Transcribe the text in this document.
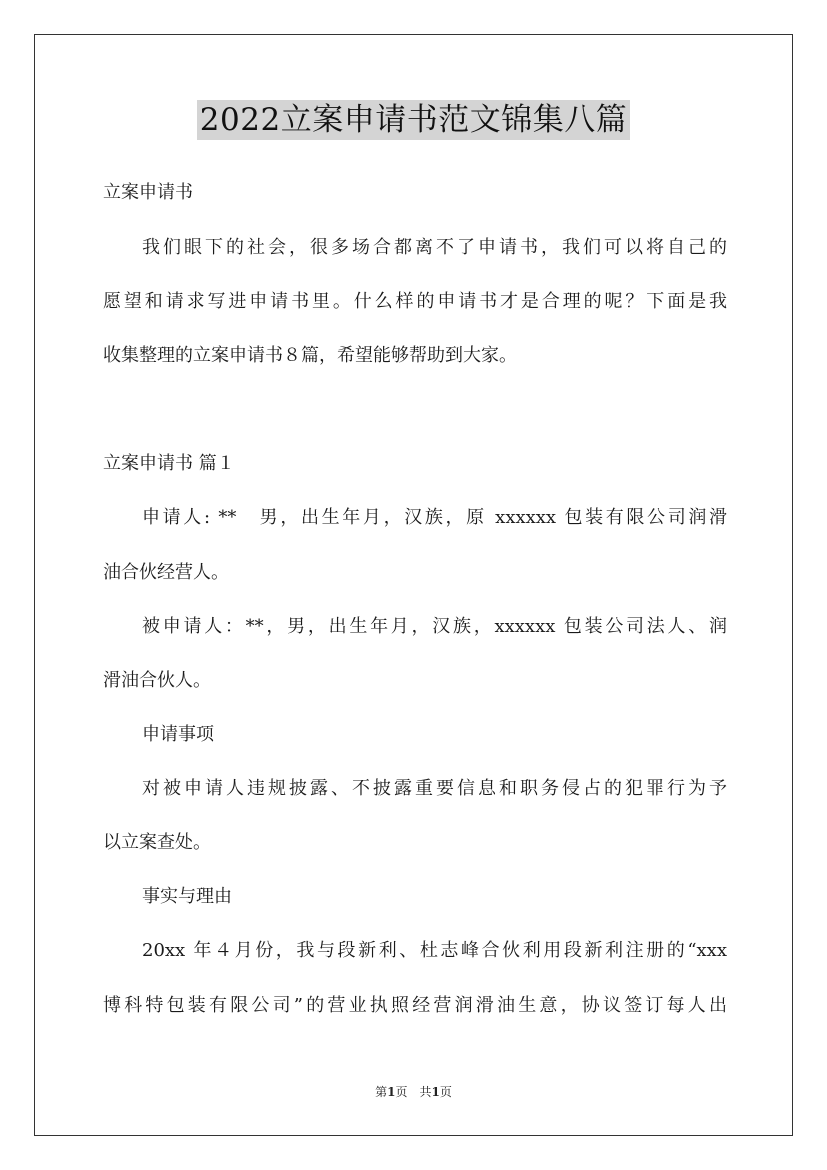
2022立案申请书范文锦集八篇
立案申请书
我们眼下的社会，很多场合都离不了申请书，我们可以将自己的
愿望和请求写进申请书里。什么样的申请书才是合理的呢？下面是我
收集整理的立案申请书８篇，希望能够帮助到大家。
立案申请书 篇１
申请人: **　男，出生年月，汉族，原 xxxxxx 包装有限公司润滑
油合伙经营人。
被申请人：**，男，出生年月，汉族，xxxxxx 包装公司法人、润
滑油合伙人。
申请事项
对被申请人违规披露、不披露重要信息和职务侵占的犯罪行为予
以立案查处。
事实与理由
20xx 年４月份，我与段新利、杜志峰合伙利用段新利注册的“xxx
博科特包装有限公司”的营业执照经营润滑油生意，协议签订每人出
第1页　共1页
